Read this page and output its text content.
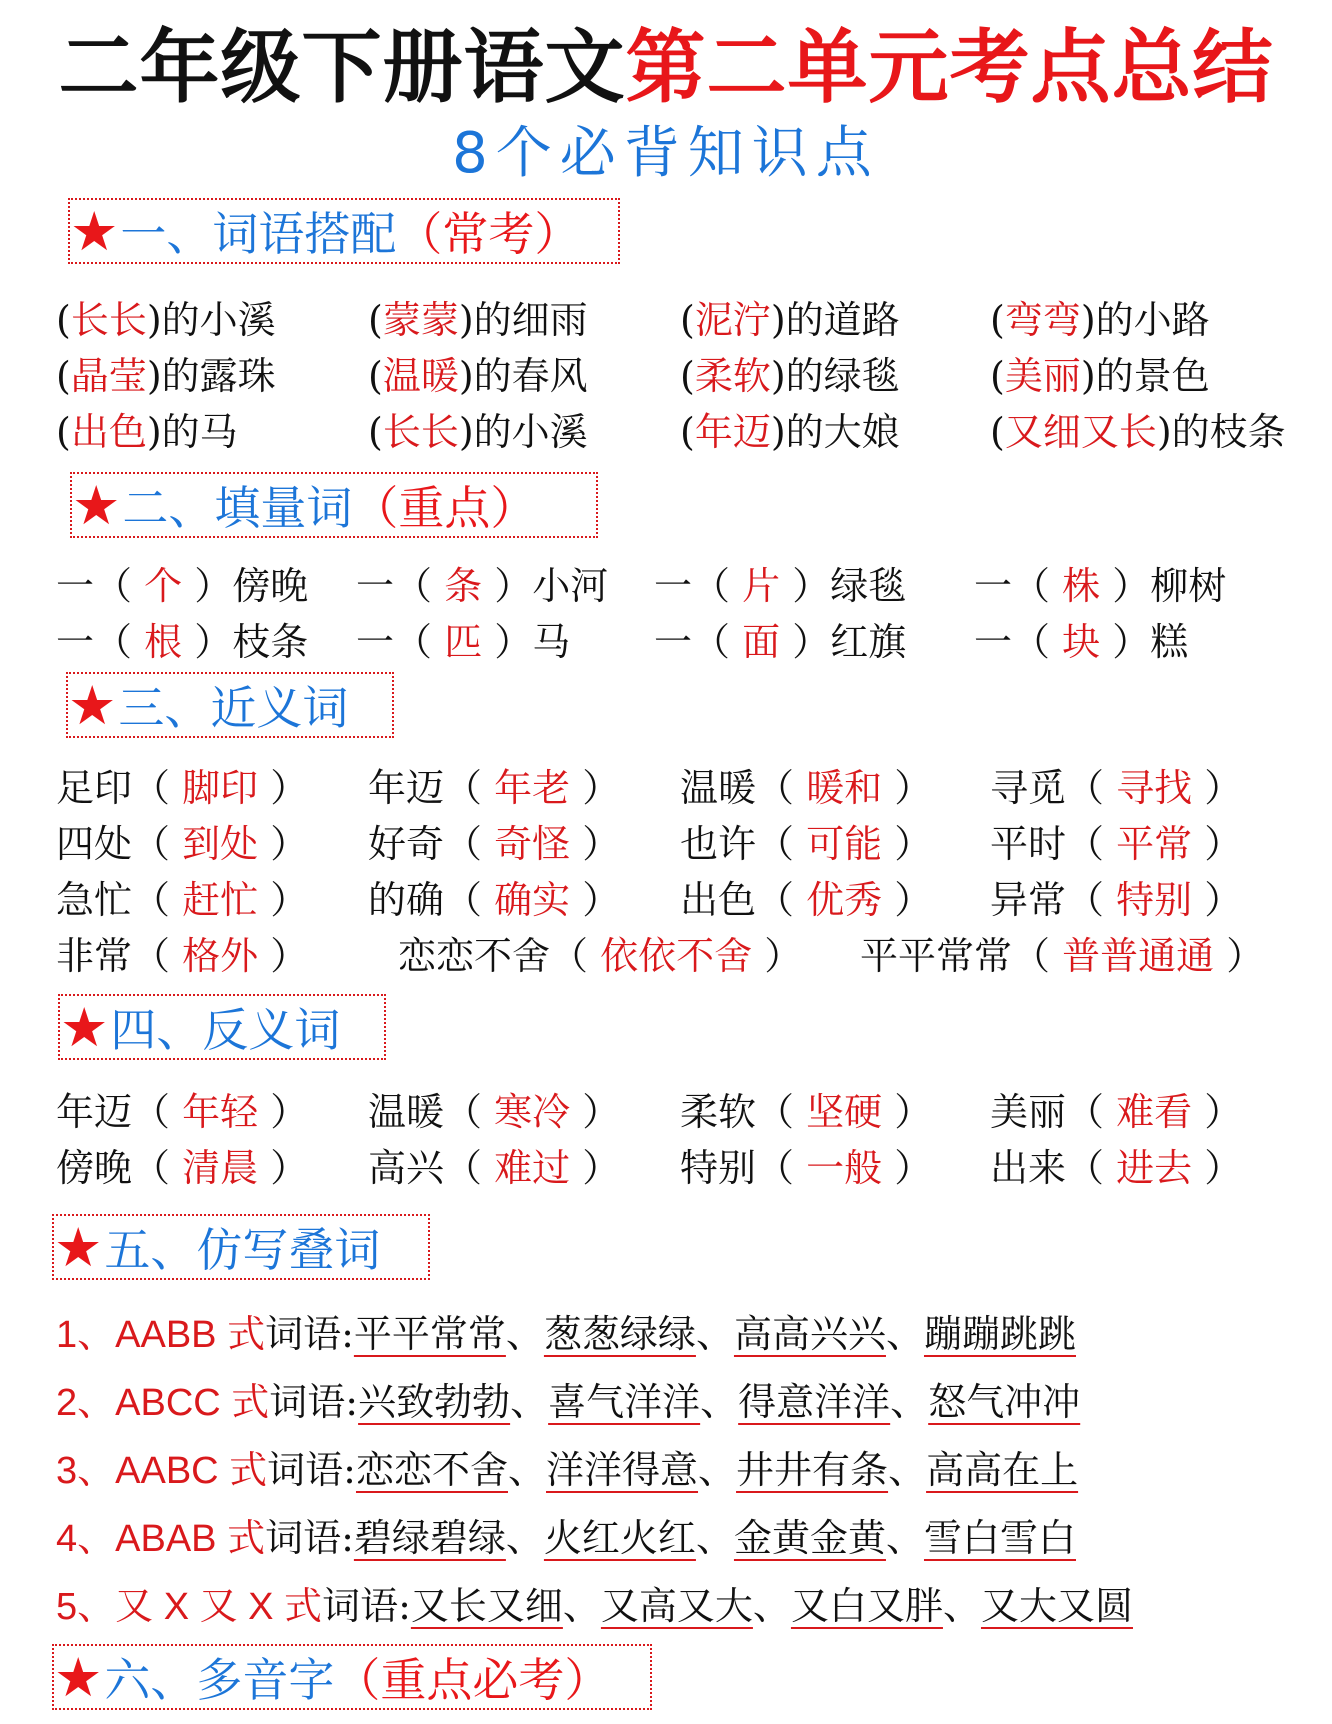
二年级下册语文第二单元考点总结
8个必背知识点
★ 一、词语搭配 （常考）
(长长)的小溪 (蒙蒙)的细雨 (泥泞)的道路 (弯弯)的小路
(晶莹)的露珠 (温暖)的春风 (柔软)的绿毯 (美丽)的景色
(出色)的马	(长长)的小溪 (年迈)的大娘 (又细又长)的枝条
★ 二、填量词 （重点）
一（ 个 ）傍晚 一（ 条 ）小河 一（ 片 ）绿毯 一（ 株 ）柳树
一（ 根 ）枝条 一（ 匹 ）马 一（ 面 ）红旗 一（ 块 ）糕
★ 三、近义词
足印（ 脚印 ） 年迈（ 年老 ） 温暖（ 暖和 ） 寻觅（ 寻找 ）
四处（ 到处 ） 好奇（ 奇怪 ） 也许（ 可能 ） 平时（ 平常 ）
急忙（ 赶忙 ） 的确（ 确实 ） 出色（ 优秀 ） 异常（ 特别 ）
非常（ 格外 ） 恋恋不舍（ 依依不舍 ） 平平常常（ 普普通通 ）
★ 四、反义词
年迈（ 年轻 ） 温暖（ 寒冷 ） 柔软（ 坚硬 ） 美丽（ 难看 ）
傍晚（ 清晨 ） 高兴（ 难过 ） 特别（ 一般 ） 出来（ 进去 ）
★ 五、仿写叠词
1、AABB 式词语:平平常常、葱葱绿绿、高高兴兴、蹦蹦跳跳
2、ABCC 式词语:兴致勃勃、喜气洋洋、得意洋洋、怒气冲冲
3、AABC 式词语:恋恋不舍、洋洋得意、井井有条、高高在上
4、ABAB 式词语:碧绿碧绿、火红火红、金黄金黄、雪白雪白
5、又 X 又 X 式词语:又长又细、又高又大、又白又胖、又大又圆
★ 六、多音字 （重点必考）
